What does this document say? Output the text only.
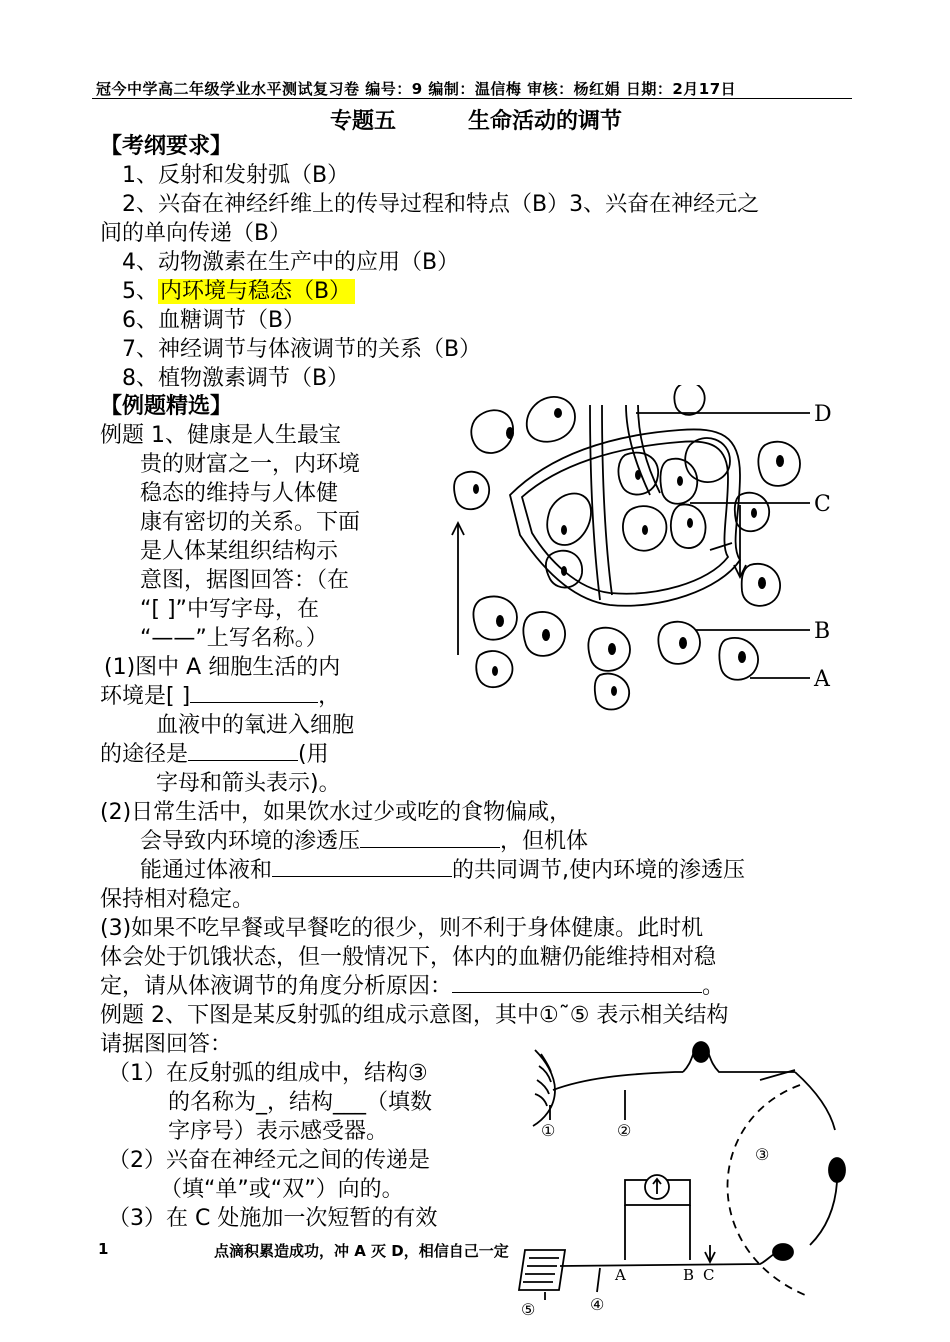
冠今中学高二年级学业水平测试复习卷 编号：9 编制：温信梅 审核：杨红娟 日期：2月17日
专题五	生命活动的调节
【考纲要求】
1、反射和发射弧（B）
2、兴奋在神经纤维上的传导过程和特点（B）3、兴奋在神经元之
间的单向传递（B）
4、动物激素在生产中的应用（B）
5、内环境与稳态（B）
6、血糖调节（B）
7、神经调节与体液调节的关系（B）
8、植物激素调节（B）
【例题精选】
例题 1、健康是人生最宝
贵的财富之一，内环境
稳态的维持与人体健
康有密切的关系。下面
是人体某组织结构示
意图，据图回答：（在
“[ ]”中写字母，在
“——”上写名称。）
(1)图中 A 细胞生活的内
环境是[ ]	，
血液中的氧进入细胞
的途径是	(用
字母和箭头表示)。
(2)日常生活中，如果饮水过少或吃的食物偏咸，
会导致内环境的渗透压	，但机体
能通过体液和	的共同调节,使内环境的渗透压
保持相对稳定。
(3)如果不吃早餐或早餐吃的很少，则不利于身体健康。此时机
体会处于饥饿状态，但一般情况下，体内的血糖仍能维持相对稳
定，请从体液调节的角度分析原因：	。
例题 2、下图是某反射弧的组成示意图，其中①˜⑤ 表示相关结构
请据图回答：
（1）在反射弧的组成中，结构③
的名称为_，结构___（填数
字序号）表示感受器。
（2）兴奋在神经元之间的传递是
（填“单”或“双”）向的。
（3）在 C 处施加一次短暂的有效
1	点滴积累造成功，冲 A 灭 D，相信自己一定
D
C
B
A
①	②
③
④
⑤
A	B C
